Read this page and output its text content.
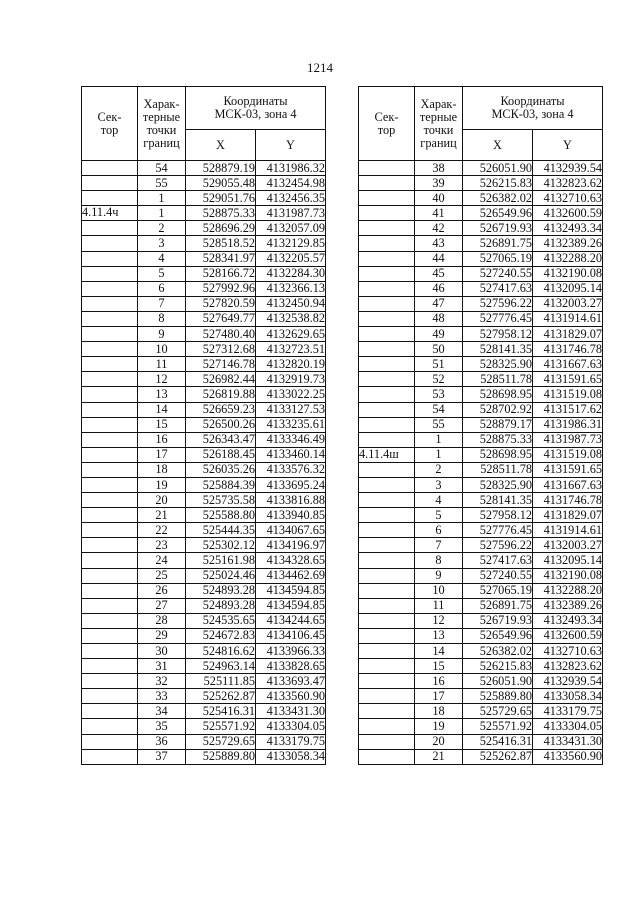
1214
Сек-
тор	Харак-
терные
точки
границ	Координаты
МСК-03, зона 4	

		X	Y
	54	528879.19	4131986.32
	55	529055.48	4132454.98
	1	529051.76	4132456.35
4.11.4ч	1	528875.33	4131987.73
	2	528696.29	4132057.09
	3	528518.52	4132129.85
	4	528341.97	4132205.57
	5	528166.72	4132284.30
	6	527992.96	4132366.13
	7	527820.59	4132450.94
	8	527649.77	4132538.82
	9	527480.40	4132629.65
	10	527312.68	4132723.51
	11	527146.78	4132820.19
	12	526982.44	4132919.73
	13	526819.88	4133022.25
	14	526659.23	4133127.53
	15	526500.26	4133235.61
	16	526343.47	4133346.49
	17	526188.45	4133460.14
	18	526035.26	4133576.32
	19	525884.39	4133695.24
	20	525735.58	4133816.88
	21	525588.80	4133940.85
	22	525444.35	4134067.65
	23	525302.12	4134196.97
	24	525161.98	4134328.65
	25	525024.46	4134462.69
	26	524893.28	4134594.85
	27	524893.28	4134594.85
	28	524535.65	4134244.65
	29	524672.83	4134106.45
	30	524816.62	4133966.33
	31	524963.14	4133828.65
	32	525111.85	4133693.47
	33	525262.87	4133560.90
	34	525416.31	4133431.30
	35	525571.92	4133304.05
	36	525729.65	4133179.75
	37	525889.80	4133058.34
Сек-
тор	Харак-
терные
точки
границ	Координаты
МСК-03, зона 4	

		X	Y
	38	526051.90	4132939.54
	39	526215.83	4132823.62
	40	526382.02	4132710.63
	41	526549.96	4132600.59
	42	526719.93	4132493.34
	43	526891.75	4132389.26
	44	527065.19	4132288.20
	45	527240.55	4132190.08
	46	527417.63	4132095.14
	47	527596.22	4132003.27
	48	527776.45	4131914.61
	49	527958.12	4131829.07
	50	528141.35	4131746.78
	51	528325.90	4131667.63
	52	528511.78	4131591.65
	53	528698.95	4131519.08
	54	528702.92	4131517.62
	55	528879.17	4131986.31
	1	528875.33	4131987.73
4.11.4ш	1	528698.95	4131519.08
	2	528511.78	4131591.65
	3	528325.90	4131667.63
	4	528141.35	4131746.78
	5	527958.12	4131829.07
	6	527776.45	4131914.61
	7	527596.22	4132003.27
	8	527417.63	4132095.14
	9	527240.55	4132190.08
	10	527065.19	4132288.20
	11	526891.75	4132389.26
	12	526719.93	4132493.34
	13	526549.96	4132600.59
	14	526382.02	4132710.63
	15	526215.83	4132823.62
	16	526051.90	4132939.54
	17	525889.80	4133058.34
	18	525729.65	4133179.75
	19	525571.92	4133304.05
	20	525416.31	4133431.30
	21	525262.87	4133560.90
